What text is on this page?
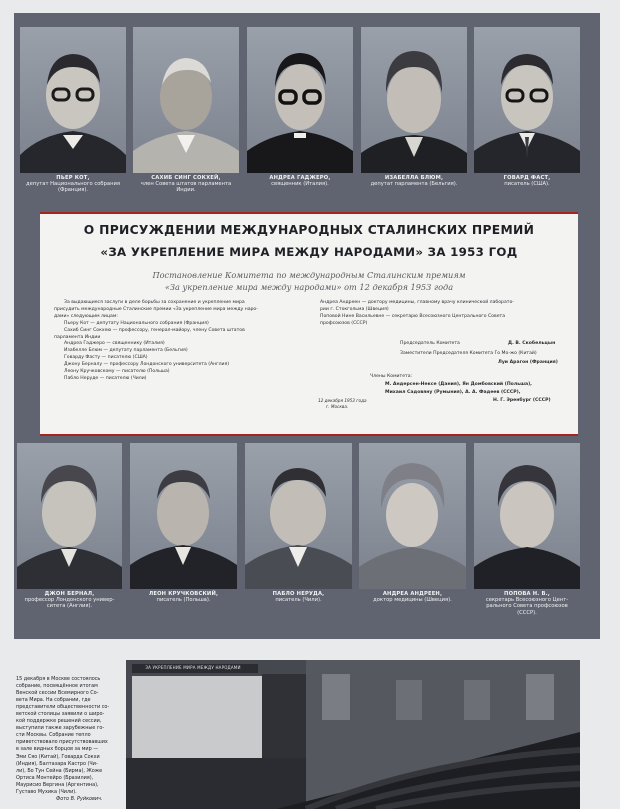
ПЬЕР КОТ,
депутат Национального собрания
(Франция).
САХИБ СИНГ СОКХЕЙ,
член Совета штатов парламента
Индии.
АНДРЕА ГАДЖЕРО,
священник (Италия).
ИЗАБЕЛЛА БЛЮМ,
депутат парламента (Бельгия).
ГОВАРД ФАСТ,
писатель (США).
О ПРИСУЖДЕНИИ МЕЖДУНАРОДНЫХ СТАЛИНСКИХ ПРЕМИЙ
«ЗА УКРЕПЛЕНИЕ МИРА МЕЖДУ НАРОДАМИ» ЗА 1953 ГОД
Постановление Комитета по международным Сталинским премиям
«За укрепление мира между народами» от 12 декабря 1953 года
За выдающиеся заслуги в деле борьбы за сохранение и укрепление мира
присудить международные Сталинские премии «За укрепление мира между наро-
дами» следующим лицам:
Пьеру Кот — депутату Национального собрания (Франция)
Сахиб Синг Сокхею — профессору, генерал-майору, члену Совета штатов
парламента Индии
Андреа Гаджеро — священнику (Италия)
Изабелле Блюм — депутату парламента (Бельгия)
Говарду Фасту — писателю (США)
Джону Берналу — профессору Лондонского университета (Англия)
Леону Кручковскому — писателю (Польша)
Пабло Неруде — писателю (Чили)
Андреа Андреен — доктору медицины, главному врачу клинической лаборато-
рии г. Стокгольма (Швеция)
Поповой Нине Васильевне — секретарю Всесоюзного Центрального Совета
профсоюзов (СССР)
Председатель Комитета	Д. В. Скобельцын
Заместители Председателя Комитета Го Мо-жо (Китай)
Луи Арагон (Франция)
12 декабря 1953 года
г. Москва.
Члены Комитета:
М. Андерсен-Нексе (Дания), Ян Домбовский (Польша),
Михаил Садовяну (Румыния), А. А. Фадеев (СССР),
Н. Г. Эренбург (СССР)
ДЖОН БЕРНАЛ,
профессор Лондонского универ-
ситета (Англия).
ЛЕОН КРУЧКОВСКИЙ,
писатель (Польша).
ПАБЛО НЕРУДА,
писатель (Чили).
АНДРЕА АНДРЕЕН,
доктор медицины (Швеция).
ПОПОВА Н. В.,
секретарь Всесоюзного Цент-
рального Совета профсоюзов
(СССР).
15 декабря в Москве состоялось
собрание, посвящённое итогам
Венской сессии Всемирного Со-
вета Мира. На собрании, где
представители общественности со-
ветской столицы заявили о широ-
кой поддержке решений сессии,
выступили также зарубежные го-
сти Москвы. Собрание тепло
приветствовало присутствовавших
в зале видных борцов за мир —
Эми Сяо (Китай), Говарда Сокхи
(Индия), Балтазара Кастро (Чи-
ли), Бо Тун Сейна (Бирма), Жоже
Ортиса Монтейро (Бразилия),
Маурисио Вергина (Аргентина),
Густаво Мухика (Чили).
Фото В. Руйкович.
ЗА УКРЕПЛЕНИЕ МИРА МЕЖДУ НАРОДАМИ
